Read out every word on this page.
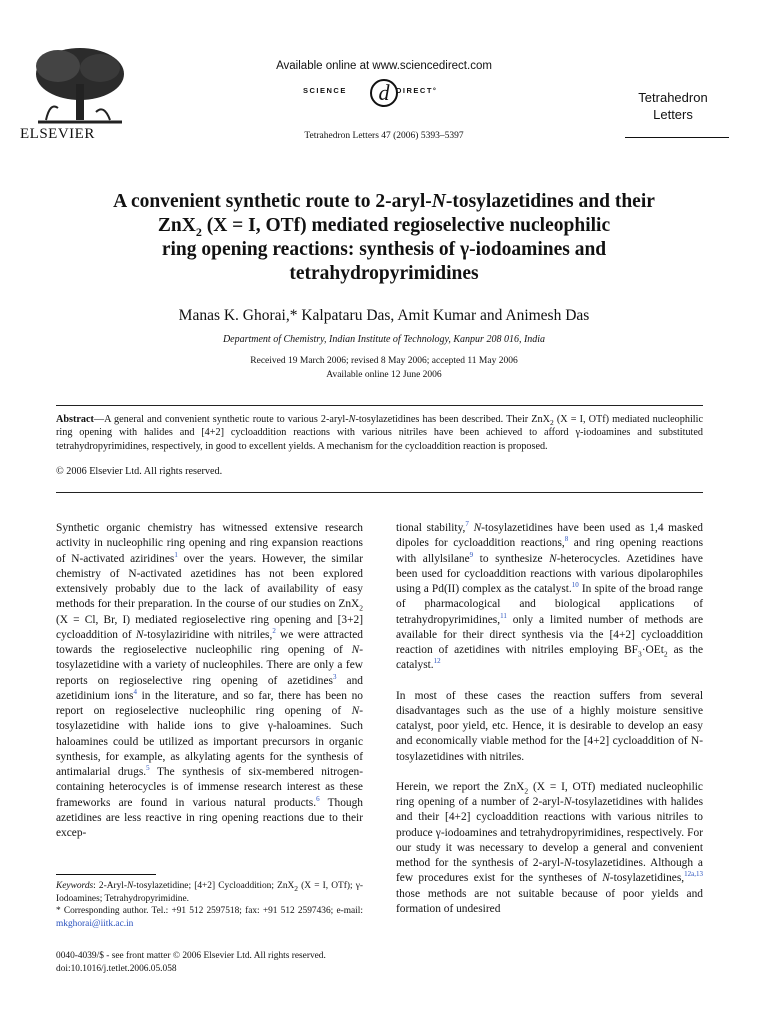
ELSEVIER
Available online at www.sciencedirect.com
d
SCIENCE	DIRECT°
Tetrahedron Letters 47 (2006) 5393–5397
Tetrahedron
Letters
A convenient synthetic route to 2-aryl-N-tosylazetidines and their
ZnX$_2$ (X = I, OTf) mediated regioselective nucleophilic
ring opening reactions: synthesis of γ-iodoamines and
tetrahydropyrimidines
Manas K. Ghorai,* Kalpataru Das, Amit Kumar and Animesh Das
Department of Chemistry, Indian Institute of Technology, Kanpur 208 016, India
Received 19 March 2006; revised 8 May 2006; accepted 11 May 2006
Available online 12 June 2006
Abstract—A general and convenient synthetic route to various 2-aryl-N-tosylazetidines has been described. Their ZnX$_2$ (X = I, OTf) mediated nucleophilic ring opening with halides and [4+2] cycloaddition reactions with various nitriles have been achieved to afford γ-iodoamines and substituted tetrahydropyrimidines, respectively, in good to excellent yields. A mechanism for the cycloaddition reaction is proposed.
© 2006 Elsevier Ltd. All rights reserved.

Synthetic organic chemistry has witnessed extensive research activity in nucleophilic ring opening and ring expansion reactions of N-activated aziridines$^1$ over the years. However, the similar chemistry of N-activated azetidines has not been explored extensively probably due to the lack of availability of easy methods for their preparation. In the course of our studies on ZnX$_2$ (X = Cl, Br, I) mediated regioselective ring opening and [3+2] cycloaddition of N-tosylaziridine with nitriles,$^2$ we were attracted towards the regioselective nucleophilic ring opening of N-tosylazetidine with a variety of nucleophiles. There are only a few reports on regioselective ring opening of azetidines$^3$ and azetidinium ions$^4$ in the literature, and so far, there has been no report on regioselective nucleophilic ring opening of N-tosylazetidine with halide ions to give γ-haloamines. Such haloamines could be utilized as important precursors in organic synthesis, for example, as alkylating agents for the synthesis of antimalarial drugs.$^5$ The synthesis of six-membered nitrogen-containing heterocycles is of immense research interest as these frameworks are found in various natural products.$^6$ Though azetidines are less reactive in ring opening reactions due to their excep-

tional stability,$^7$ N-tosylazetidines have been used as 1,4 masked dipoles for cycloaddition reactions,$^8$ and ring opening reactions with allylsilane$^9$ to synthesize N-heterocycles. Azetidines have been used for cycloaddition reactions with various dipolarophiles using a Pd(II) complex as the catalyst.$^{10}$ In spite of the broad range of pharmacological and biological applications of tetrahydropyrimidines,$^{11}$ only a limited number of methods are available for their direct synthesis via the [4+2] cycloaddition reaction of azetidines with nitriles employing $BF_3\cdot OEt_2$ as the catalyst.$^{12}$

In most of these cases the reaction suffers from several disadvantages such as the use of a highly moisture sensitive catalyst, poor yield, etc. Hence, it is desirable to develop an easy and economically viable method for the [4+2] cycloaddition of N-tosylazetidines with nitriles.

Herein, we report the ZnX$_2$ (X = I, OTf) mediated nucleophilic ring opening of a number of 2-aryl-N-tosylazetidines with halides and their [4+2] cycloaddition reactions with various nitriles to produce γ-iodoamines and tetrahydropyrimidines, respectively. For our study it was necessary to develop a general and convenient method for the synthesis of 2-aryl-N-tosylazetidines. Although a few procedures exist for the syntheses of N-tosylazetidines,$^{12a,13}$ those methods are not suitable because of poor yields and formation of undesired

Keywords: 2-Aryl-N-tosylazetidine; [4+2] Cycloaddition; ZnX$_2$ (X = I, OTf); γ-Iodoamines; Tetrahydropyrimidine.
* Corresponding author. Tel.: +91 512 2597518; fax: +91 512 2597436; e-mail: mkghorai@iitk.ac.in
0040-4039/$ - see front matter © 2006 Elsevier Ltd. All rights reserved.
doi:10.1016/j.tetlet.2006.05.058
